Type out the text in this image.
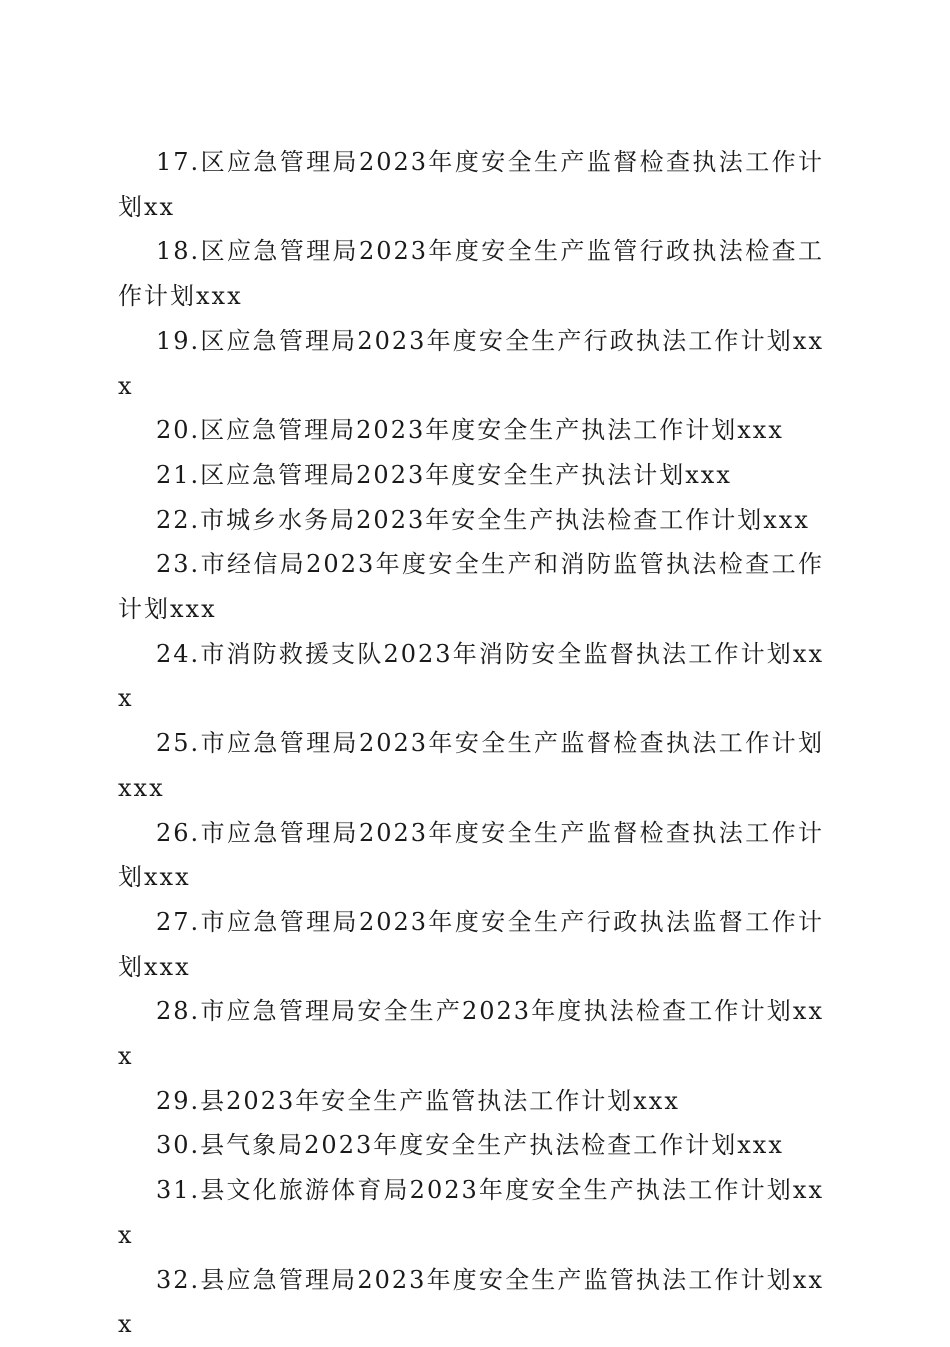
17.区应急管理局2023年度安全生产监督检查执法工作计划xx
18.区应急管理局2023年度安全生产监管行政执法检查工作计划xxx
19.区应急管理局2023年度安全生产行政执法工作计划xxx
20.区应急管理局2023年度安全生产执法工作计划xxx
21.区应急管理局2023年度安全生产执法计划xxx
22.市城乡水务局2023年安全生产执法检查工作计划xxx
23.市经信局2023年度安全生产和消防监管执法检查工作计划xxx
24.市消防救援支队2023年消防安全监督执法工作计划xxx
25.市应急管理局2023年安全生产监督检查执法工作计划xxx
26.市应急管理局2023年度安全生产监督检查执法工作计划xxx
27.市应急管理局2023年度安全生产行政执法监督工作计划xxx
28.市应急管理局安全生产2023年度执法检查工作计划xxx
29.县2023年安全生产监管执法工作计划xxx
30.县气象局2023年度安全生产执法检查工作计划xxx
31.县文化旅游体育局2023年度安全生产执法工作计划xxx
32.县应急管理局2023年度安全生产监管执法工作计划xxx
